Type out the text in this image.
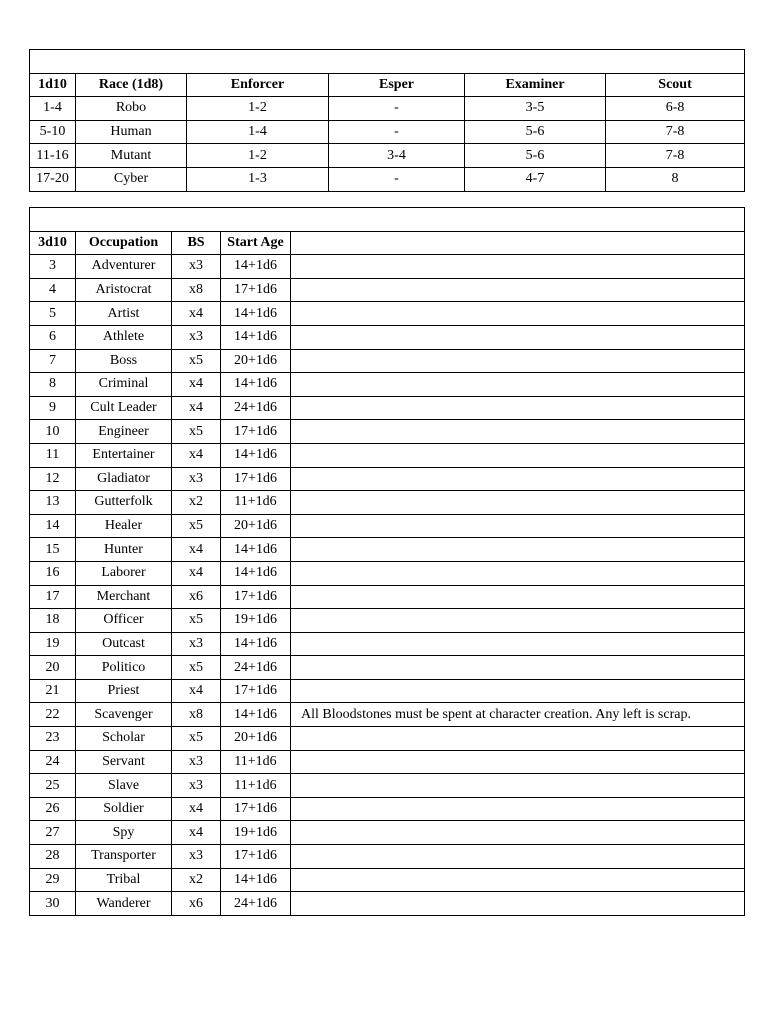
1d10	Race (1d8)	Enforcer	Esper	Examiner	Scout
1-4	Robo	1-2	-	3-5	6-8
5-10	Human	1-4	-	5-6	7-8
11-16	Mutant	1-2	3-4	5-6	7-8
17-20	Cyber	1-3	-	4-7	8

3d10	Occupation	BS	Start Age	
3	Adventurer	x3	14+1d6	
4	Aristocrat	x8	17+1d6	
5	Artist	x4	14+1d6	
6	Athlete	x3	14+1d6	
7	Boss	x5	20+1d6	
8	Criminal	x4	14+1d6	
9	Cult Leader	x4	24+1d6	
10	Engineer	x5	17+1d6	
11	Entertainer	x4	14+1d6	
12	Gladiator	x3	17+1d6	
13	Gutterfolk	x2	11+1d6	
14	Healer	x5	20+1d6	
15	Hunter	x4	14+1d6	
16	Laborer	x4	14+1d6	
17	Merchant	x6	17+1d6	
18	Officer	x5	19+1d6	
19	Outcast	x3	14+1d6	
20	Politico	x5	24+1d6	
21	Priest	x4	17+1d6	
22	Scavenger	x8	14+1d6	All Bloodstones must be spent at character creation. Any left is scrap.
23	Scholar	x5	20+1d6	
24	Servant	x3	11+1d6	
25	Slave	x3	11+1d6	
26	Soldier	x4	17+1d6	
27	Spy	x4	19+1d6	
28	Transporter	x3	17+1d6	
29	Tribal	x2	14+1d6	
30	Wanderer	x6	24+1d6	
